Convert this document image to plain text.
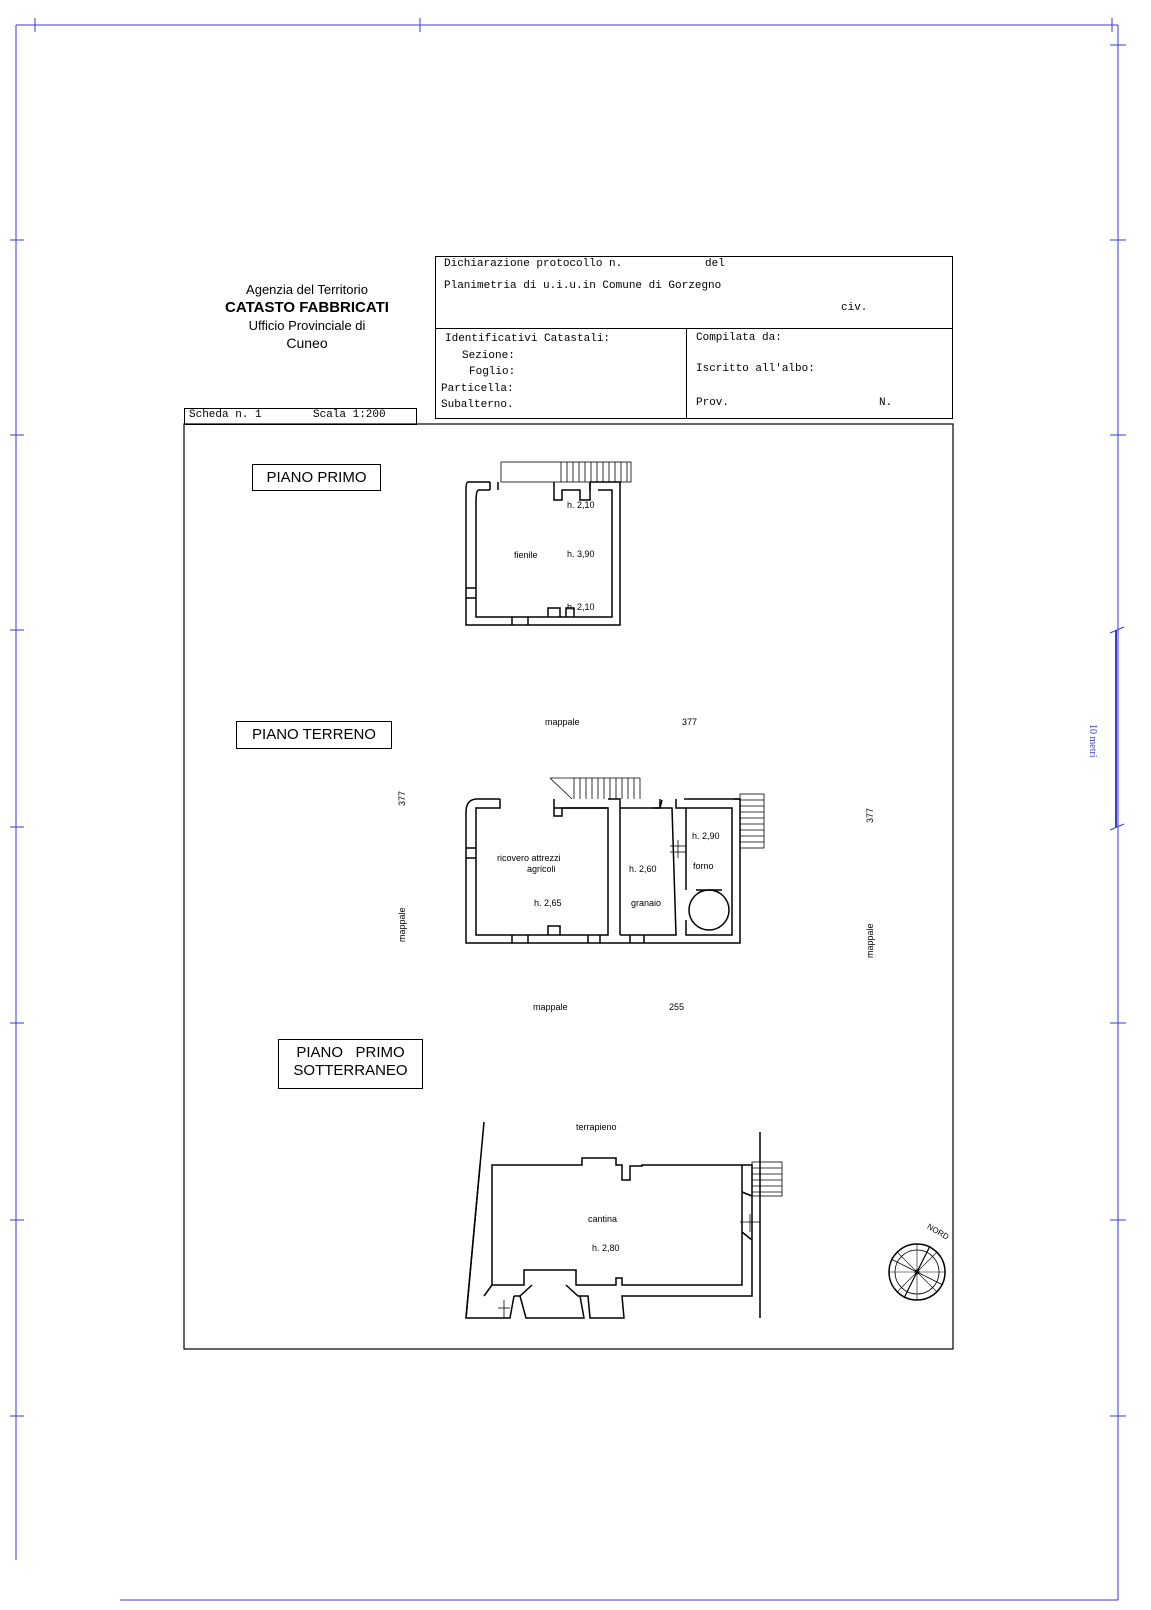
Agenzia del Territorio
CATASTO FABBRICATI
Ufficio Provinciale di
Cuneo
Dichiarazione protocollo n.	del
Planimetria di u.i.u.in Comune di Gorzegno
civ.
Identificativi Catastali:
Sezione:
Foglio:
Particella:
Subalterno.
Compilata da:
Iscritto all'albo:
Prov.	N.
Scheda n. 1	Scala 1:200
10 metri
PIANO PRIMO
PIANO TERRENO
PIANO   PRIMO
SOTTERRANEO
h. 2,10
fienile	h. 3,90
h. 2,10
mappale	377
377
mappale
377
mappale
ricovero attrezzi
agricoli
h. 2,65
h. 2,60
granaio
h. 2,90
forno
mappale	255
terrapieno
cantina
h. 2,80
NORD
